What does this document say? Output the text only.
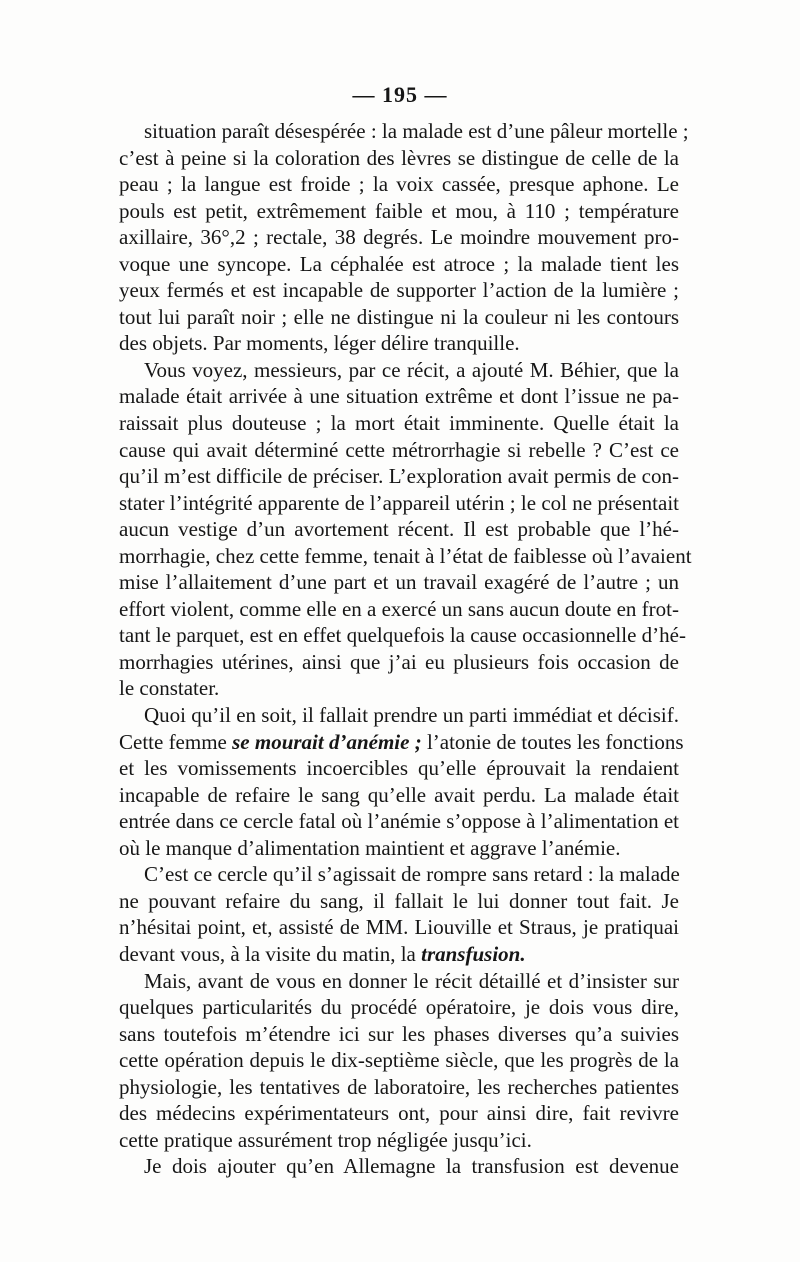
— 195 —
situation paraît désespérée : la malade est d’une pâleur mortelle ;
c’est à peine si la coloration des lèvres se distingue de celle de la
peau ; la langue est froide ; la voix cassée, presque aphone. Le
pouls est petit, extrêmement faible et mou, à 110 ; température
axillaire, 36°,2 ; rectale, 38 degrés. Le moindre mouvement pro-
voque une syncope. La céphalée est atroce ; la malade tient les
yeux fermés et est incapable de supporter l’action de la lumière ;
tout lui paraît noir ; elle ne distingue ni la couleur ni les contours
des objets. Par moments, léger délire tranquille.
Vous voyez, messieurs, par ce récit, a ajouté M. Béhier, que la
malade était arrivée à une situation extrême et dont l’issue ne pa-
raissait plus douteuse ; la mort était imminente. Quelle était la
cause qui avait déterminé cette métrorrhagie si rebelle ? C’est ce
qu’il m’est difficile de préciser. L’exploration avait permis de con-
stater l’intégrité apparente de l’appareil utérin ; le col ne présentait
aucun vestige d’un avortement récent. Il est probable que l’hé-
morrhagie, chez cette femme, tenait à l’état de faiblesse où l’avaient
mise l’allaitement d’une part et un travail exagéré de l’autre ; un
effort violent, comme elle en a exercé un sans aucun doute en frot-
tant le parquet, est en effet quelquefois la cause occasionnelle d’hé-
morrhagies utérines, ainsi que j’ai eu plusieurs fois occasion de
le constater.
Quoi qu’il en soit, il fallait prendre un parti immédiat et décisif.
Cette femme se mourait d’anémie ; l’atonie de toutes les fonctions
et les vomissements incoercibles qu’elle éprouvait la rendaient
incapable de refaire le sang qu’elle avait perdu. La malade était
entrée dans ce cercle fatal où l’anémie s’oppose à l’alimentation et
où le manque d’alimentation maintient et aggrave l’anémie.
C’est ce cercle qu’il s’agissait de rompre sans retard : la malade
ne pouvant refaire du sang, il fallait le lui donner tout fait. Je
n’hésitai point, et, assisté de MM. Liouville et Straus, je pratiquai
devant vous, à la visite du matin, la transfusion.
Mais, avant de vous en donner le récit détaillé et d’insister sur
quelques particularités du procédé opératoire, je dois vous dire,
sans toutefois m’étendre ici sur les phases diverses qu’a suivies
cette opération depuis le dix-septième siècle, que les progrès de la
physiologie, les tentatives de laboratoire, les recherches patientes
des médecins expérimentateurs ont, pour ainsi dire, fait revivre
cette pratique assurément trop négligée jusqu’ici.
Je dois ajouter qu’en Allemagne la transfusion est devenue
